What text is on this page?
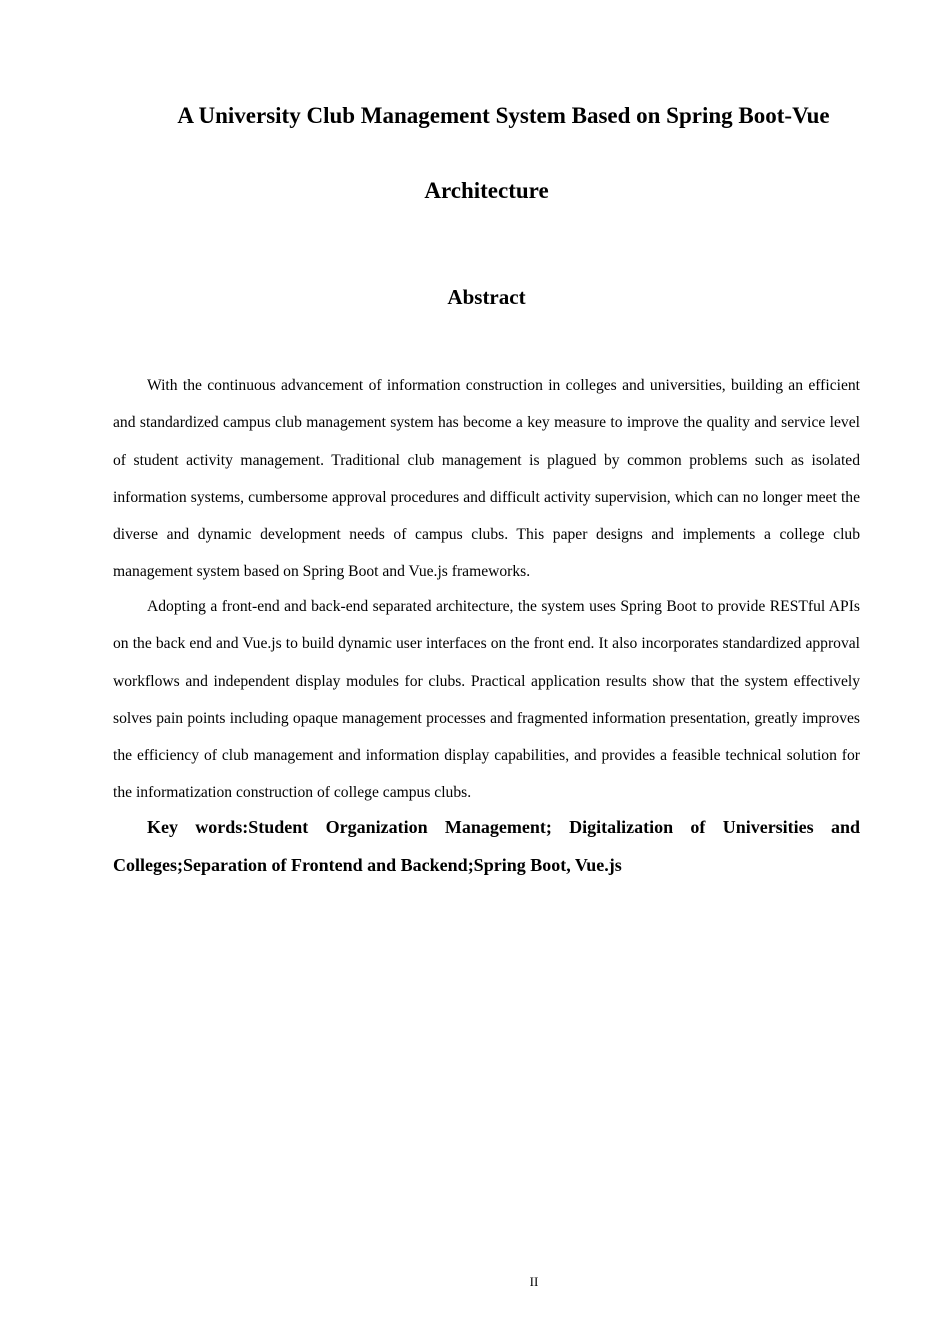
A University Club Management System Based on Spring Boot-Vue
Architecture
Abstract

With the continuous advancement of information construction in colleges and universities, building an efficient and standardized campus club management system has become a key measure to improve the quality and service level of student activity management. Traditional club management is plagued by common problems such as isolated information systems, cumbersome approval procedures and difficult activity supervision, which can no longer meet the diverse and dynamic development needs of campus clubs. This paper designs and implements a college club management system based on Spring Boot and Vue.js frameworks.

Adopting a front-end and back-end separated architecture, the system uses Spring Boot to provide RESTful APIs on the back end and Vue.js to build dynamic user interfaces on the front end. It also incorporates standardized approval workflows and independent display modules for clubs. Practical application results show that the system effectively solves pain points including opaque management processes and fragmented information presentation, greatly improves the efficiency of club management and information display capabilities, and provides a feasible technical solution for the informatization construction of college campus clubs.

Key words:Student Organization Management; Digitalization of Universities and Colleges;Separation of Frontend and Backend;Spring Boot, Vue.js

II
